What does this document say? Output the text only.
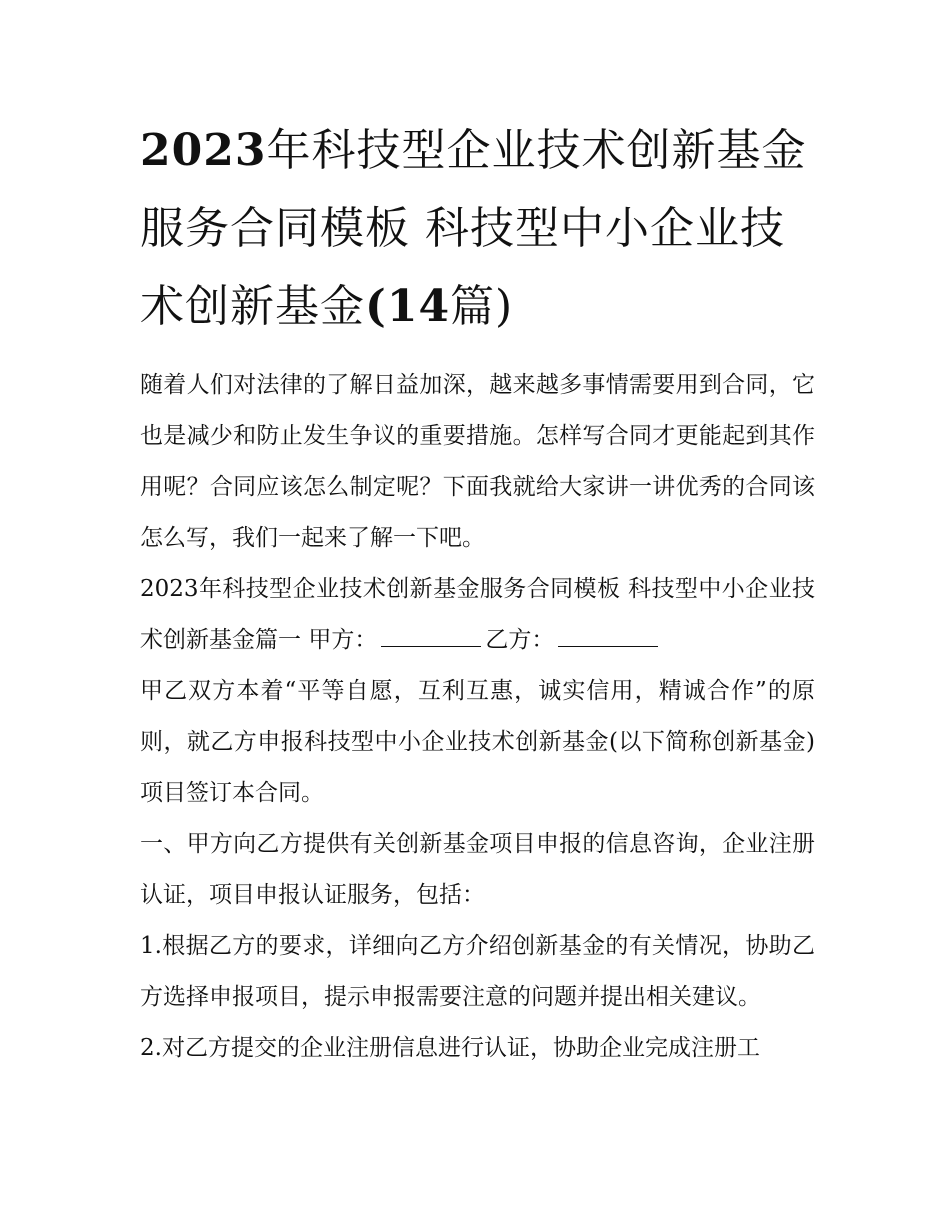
2023年科技型企业技术创新基金服务合同模板 科技型中小企业技术创新基金(14篇)

随着人们对法律的了解日益加深，越来越多事情需要用到合同，它也是减少和防止发生争议的重要措施。怎样写合同才更能起到其作用呢？合同应该怎么制定呢？下面我就给大家讲一讲优秀的合同该怎么写，我们一起来了解一下吧。

2023年科技型企业技术创新基金服务合同模板 科技型中小企业技术创新基金篇一 甲方：	乙方：

甲乙双方本着“平等自愿，互利互惠，诚实信用，精诚合作”的原则，就乙方申报科技型中小企业技术创新基金(以下简称创新基金)项目签订本合同。

一、甲方向乙方提供有关创新基金项目申报的信息咨询，企业注册认证，项目申报认证服务，包括：

1.根据乙方的要求，详细向乙方介绍创新基金的有关情况，协助乙方选择申报项目，提示申报需要注意的问题并提出相关建议。

2.对乙方提交的企业注册信息进行认证，协助企业完成注册工
